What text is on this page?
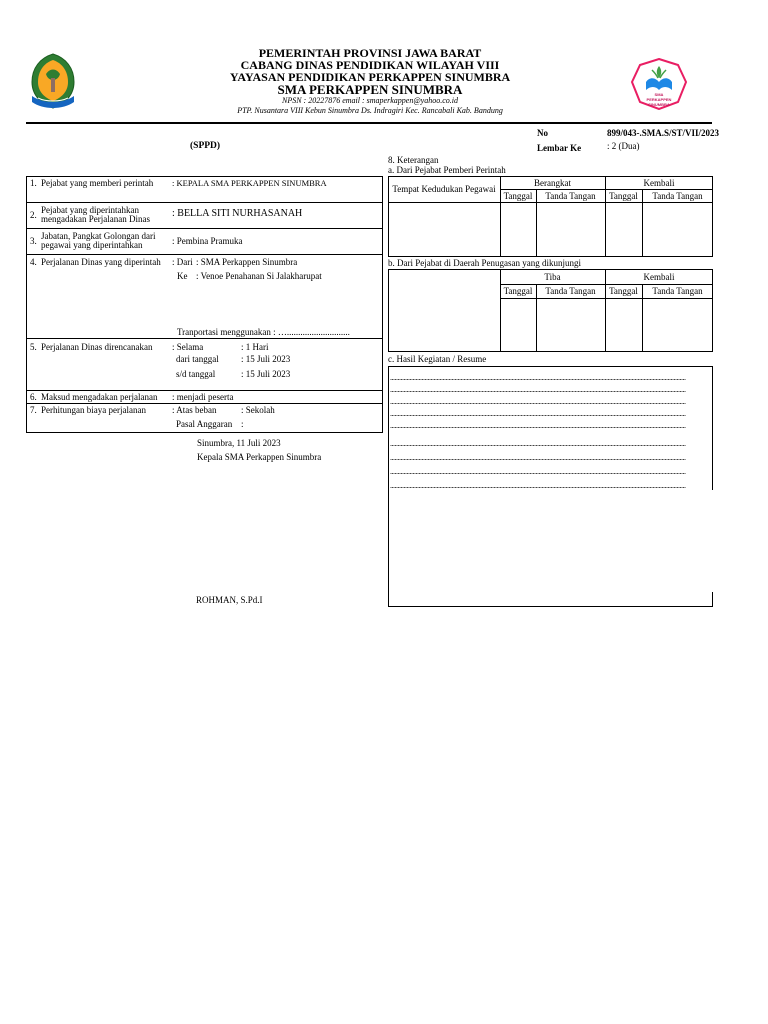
SMA PERKAPPEN SINUMBRA
PEMERINTAH PROVINSI JAWA BARAT
CABANG DINAS PENDIDIKAN WILAYAH VIII
YAYASAN PENDIDIKAN PERKAPPEN SINUMBRA
SMA PERKAPPEN SINUMBRA
NPSN : 20227876 email : smaperkappen@yahoo.co.id
PTP. Nusantara VIII Kebun Sinumbra Ds. Indragiri Kec. Rancabali Kab. Bandung
(SPPD)
No	899/043-.SMA.S/ST/VII/2023
Lembar Ke	: 2 (Dua)
1. Pejabat yang memberi perintah : KEPALA SMA PERKAPPEN SINUMBRA
2. Pejabat yang diperintahkan
mengadakan Perjalanan Dinas : BELLA SITI NURHASANAH
3. Jabatan, Pangkat Golongan dari
pegawai yang diperintahkan	: Pembina Pramuka
4. Perjalanan Dinas yang diperintah : Dari : SMA Perkappen Sinumbra
Ke : Venoe Penahanan Si Jalakharupat
Tranportasi menggunakan : …............................
5. Perjalanan Dinas direncanakan : Selama	: 1 Hari
dari tanggal : 15 Juli 2023
s/d tanggal	: 15 Juli 2023
6. Maksud mengadakan perjalanan : menjadi peserta
7. Perhitungan biaya perjalanan	: Atas beban	: Sekolah
Pasal Anggaran :
Sinumbra, 11 Juli 2023
Kepala SMA Perkappen Sinumbra
ROHMAN, S.Pd.I
8. Keterangan
a. Dari Pejabat Pemberi Perintah
Tempat Kedudukan Pegawai
Berangkat	Kembali
Tanggal	Tanda Tangan	Tanggal	Tanda Tangan
b. Dari Pejabat di Daerah Penugasan yang dikunjungi
Tiba	Kembali
Tanggal	Tanda Tangan	Tanggal	Tanda Tangan
c. Hasil Kegiatan / Resume
.....................................................................................................................................................................................................
.....................................................................................................................................................................................................
.....................................................................................................................................................................................................
.....................................................................................................................................................................................................
.....................................................................................................................................................................................................
.....................................................................................................................................................................................................
.....................................................................................................................................................................................................
.....................................................................................................................................................................................................
.....................................................................................................................................................................................................
